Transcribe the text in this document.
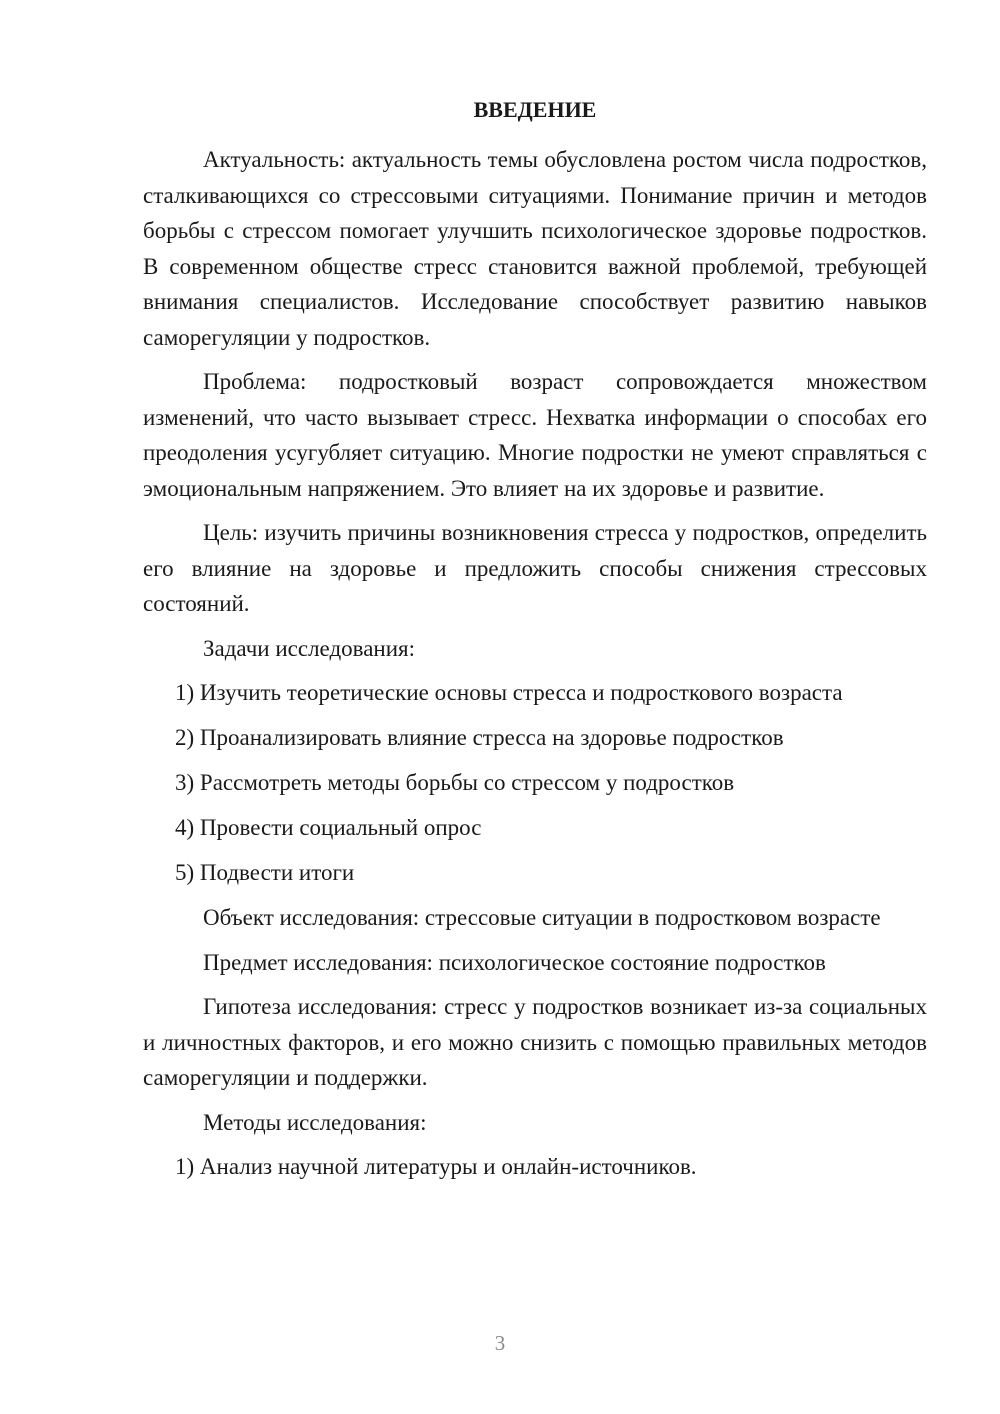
ВВЕДЕНИЕ

Актуальность: актуальность темы обусловлена ростом числа подростков, сталкивающихся со стрессовыми ситуациями. Понимание причин и методов борьбы с стрессом помогает улучшить психологическое здоровье подростков. В современном обществе стресс становится важной проблемой, требующей внимания специалистов. Исследование способствует развитию навыков саморегуляции у подростков.

Проблема: подростковый возраст сопровождается множеством изменений, что часто вызывает стресс. Нехватка информации о способах его преодоления усугубляет ситуацию. Многие подростки не умеют справляться с эмоциональным напряжением. Это влияет на их здоровье и развитие.

Цель: изучить причины возникновения стресса у подростков, определить его влияние на здоровье и предложить способы снижения стрессовых состояний.

Задачи исследования:

1) Изучить теоретические основы стресса и подросткового возраста
2) Проанализировать влияние стресса на здоровье подростков
3) Рассмотреть методы борьбы со стрессом у подростков
4) Провести социальный опрос
5) Подвести итоги

Объект исследования: стрессовые ситуации в подростковом возрасте

Предмет исследования: психологическое состояние подростков

Гипотеза исследования: стресс у подростков возникает из-за социальных и личностных факторов, и его можно снизить с помощью правильных методов саморегуляции и поддержки.

Методы исследования:

1) Анализ научной литературы и онлайн-источников.
3
